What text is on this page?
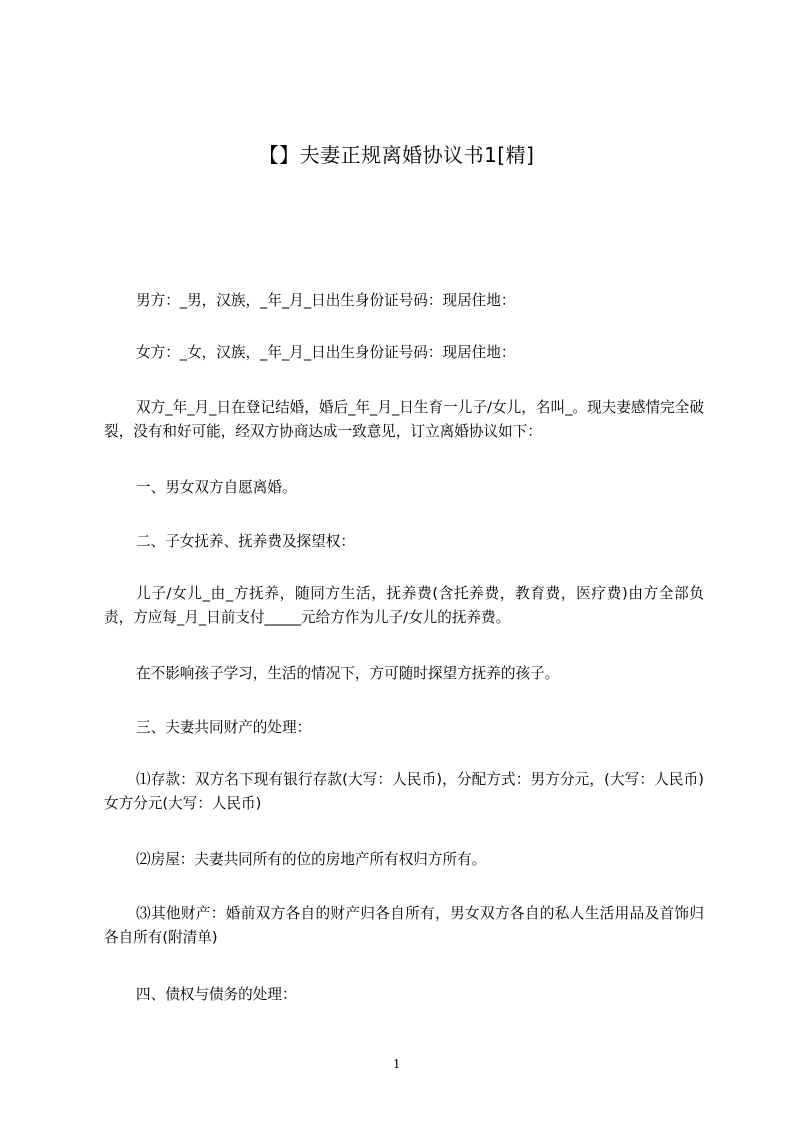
【】夫妻正规离婚协议书1[精]

男方：_男，汉族，_年_月_日出生身份证号码：现居住地：

女方：_女，汉族，_年_月_日出生身份证号码：现居住地：

双方_年_月_日在登记结婚，婚后_年_月_日生育一儿子/女儿，名叫_。现夫妻感情完全破裂，没有和好可能，经双方协商达成一致意见，订立离婚协议如下：

一、男女双方自愿离婚。

二、子女抚养、抚养费及探望权：

儿子/女儿_由_方抚养，随同方生活，抚养费(含托养费，教育费，医疗费)由方全部负责，方应每_月_日前支付_____元给方作为儿子/女儿的抚养费。

在不影响孩子学习，生活的情况下，方可随时探望方抚养的孩子。

三、夫妻共同财产的处理：

⑴存款：双方名下现有银行存款(大写：人民币)，分配方式：男方分元，(大写：人民币)女方分元(大写：人民币)

⑵房屋：夫妻共同所有的位的房地产所有权归方所有。

⑶其他财产：婚前双方各自的财产归各自所有，男女双方各自的私人生活用品及首饰归各自所有(附清单)

四、债权与债务的处理：

1
